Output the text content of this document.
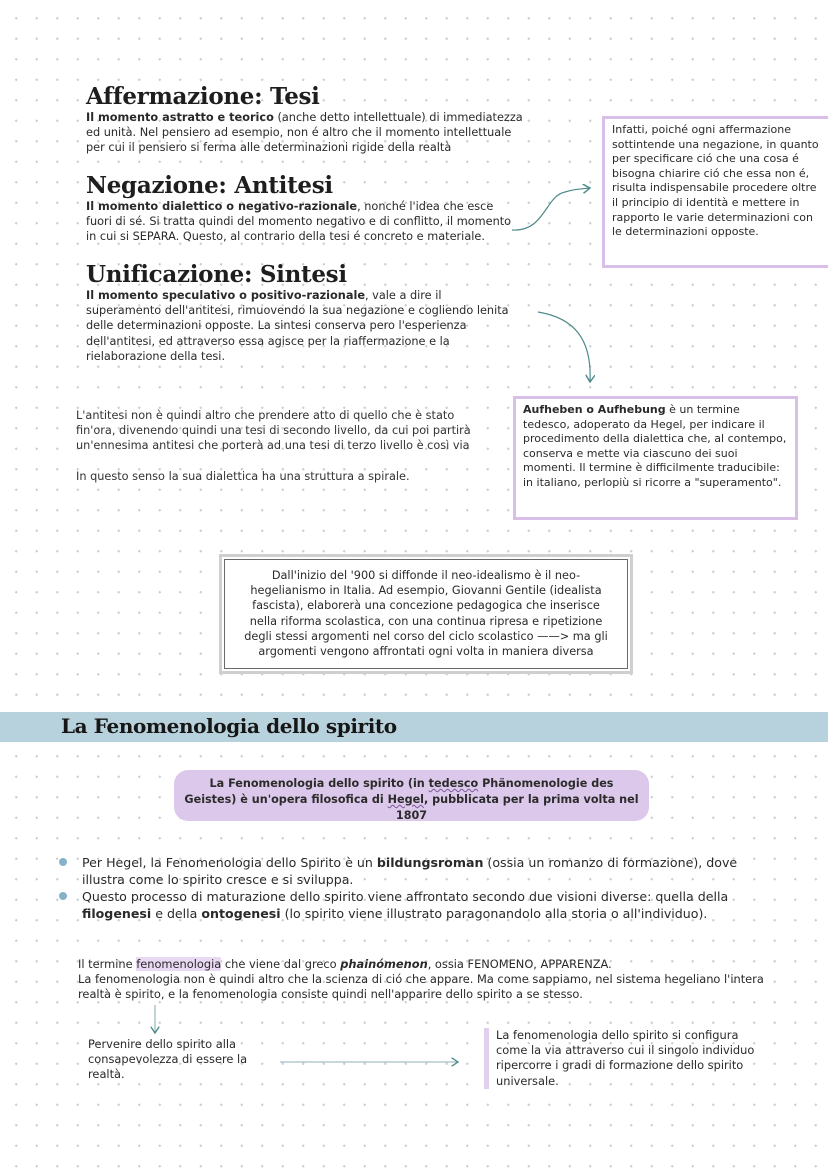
Affermazione: Tesi

Il momento astratto e teorico (anche detto intellettuale) di immediatezza ed unità. Nel pensiero ad esempio, non é altro che il momento intellettuale per cui il pensiero si ferma alle determinazioni rigide della realtà

Negazione: Antitesi

Il momento dialettico o negativo-razionale, nonché l'idea che esce fuori di sé. Si tratta quindi del momento negativo e di conflitto, il momento in cui si SEPARA. Questo, al contrario della tesi é concreto e materiale.

Unificazione: Sintesi

Il momento speculativo o positivo-razionale, vale a dire il superamento dell'antitesi, rimuovendo la sua negazione e cogliendo lenita delle determinazioni opposte. La sintesi conserva pero l'esperienza dell'antitesi, ed attraverso essa agisce per la riaffermazione e la rielaborazione della tesi.

Infatti, poiché ogni affermazione sottintende una negazione, in quanto per specificare ció che una cosa é bisogna chiarire ció che essa non é, risulta indispensabile procedere oltre il principio di identità e mettere in rapporto le varie determinazioni con le determinazioni opposte.

L'antitesi non è quindi altro che prendere atto di quello che è stato fin'ora, divenendo quindi una tesi di secondo livello, da cui poi partirà un'ennesima antitesi che porterà ad una tesi di terzo livello è così via

In questo senso la sua dialettica ha una struttura a spirale.

Aufheben o Aufhebung è un termine tedesco, adoperato da Hegel, per indicare il procedimento della dialettica che, al contempo, conserva e mette via ciascuno dei suoi momenti. Il termine è difficilmente traducibile: in italiano, perlopiù si ricorre a "superamento".
Dall'inizio del '900 si diffonde il neo-idealismo è il neo-hegelianismo in Italia. Ad esempio, Giovanni Gentile (idealista fascista), elaborerà una concezione pedagogica che inserisce nella riforma scolastica, con una continua ripresa e ripetizione degli stessi argomenti nel corso del ciclo scolastico ——> ma gli argomenti vengono affrontati ogni volta in maniera diversa
La Fenomenologia dello spirito
La Fenomenologia dello spirito (in tedesco Phänomenologie des Geistes) è un'opera filosofica di Hegel, pubblicata per la prima volta nel 1807
Per Hegel, la Fenomenologia dello Spirito è un bildungsroman (ossia un romanzo di formazione), dove illustra come lo spirito cresce e si sviluppa.
Questo processo di maturazione dello spirito viene affrontato secondo due visioni diverse: quella della filogenesi e della ontogenesi (lo spirito viene illustrato paragonandolo alla storia o all'individuo).

Il termine fenomenologia che viene dal greco phainómenon, ossia FENOMENO, APPARENZA.

La fenomenologia non è quindi altro che la scienza di ció che appare. Ma come sappiamo, nel sistema hegeliano l'intera realtà è spirito, e la fenomenologia consiste quindi nell'apparire dello spirito a se stesso.

Pervenire dello spirito alla consapevolezza di essere la realtà.

La fenomenologia dello spirito si configura come la via attraverso cui il singolo individuo ripercorre i gradi di formazione dello spirito universale.
